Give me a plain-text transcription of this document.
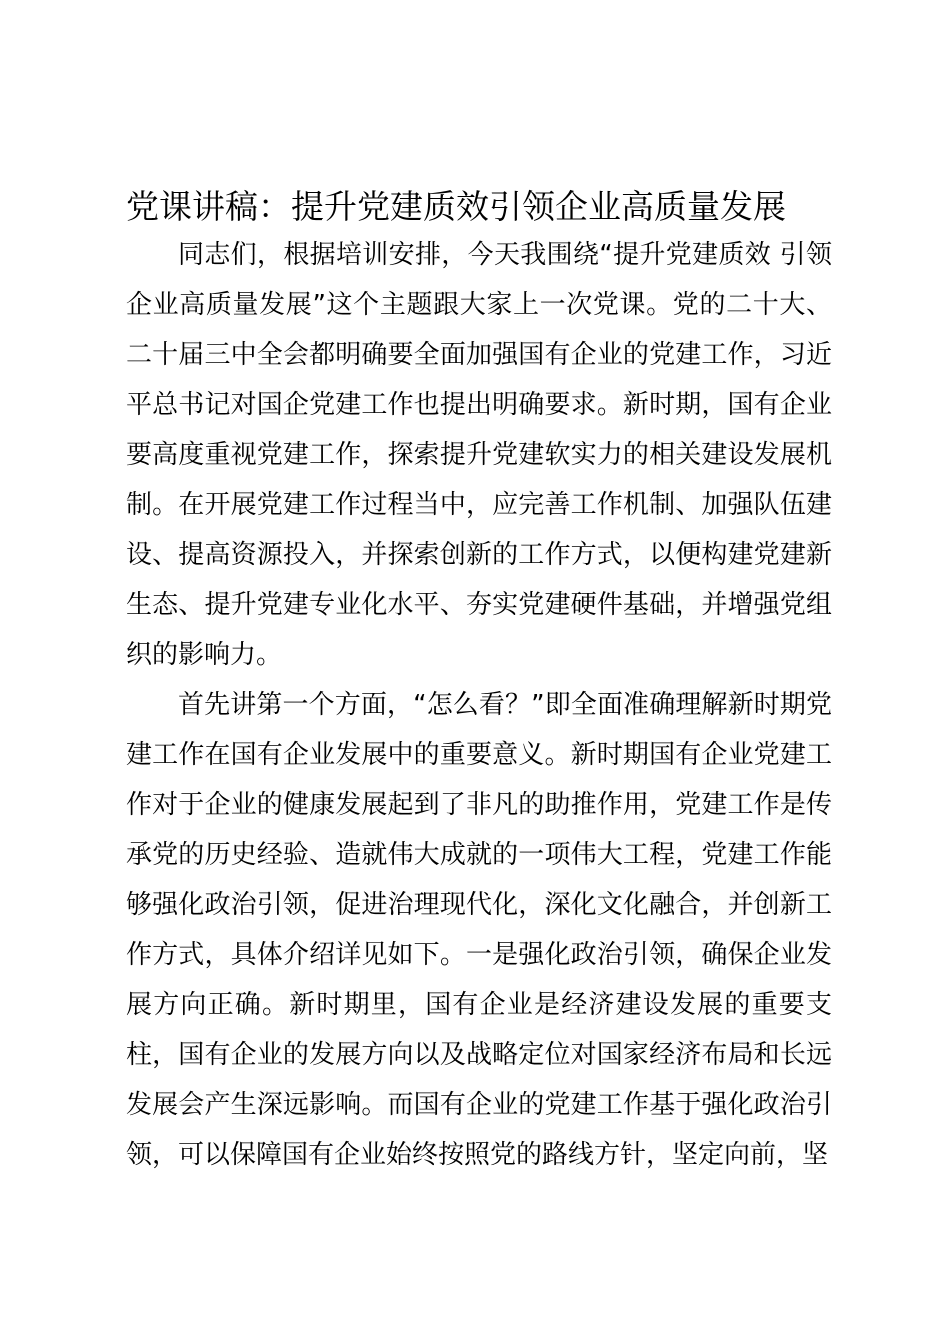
党课讲稿：提升党建质效引领企业高质量发展

同志们，根据培训安排，今天我围绕“提升党建质效 引领企业高质量发展”这个主题跟大家上一次党课。党的二十大、二十届三中全会都明确要全面加强国有企业的党建工作，习近平总书记对国企党建工作也提出明确要求。新时期，国有企业要高度重视党建工作，探索提升党建软实力的相关建设发展机制。在开展党建工作过程当中，应完善工作机制、加强队伍建设、提高资源投入，并探索创新的工作方式，以便构建党建新生态、提升党建专业化水平、夯实党建硬件基础，并增强党组织的影响力。

首先讲第一个方面，“怎么看？”即全面准确理解新时期党建工作在国有企业发展中的重要意义。新时期国有企业党建工作对于企业的健康发展起到了非凡的助推作用，党建工作是传承党的历史经验、造就伟大成就的一项伟大工程，党建工作能够强化政治引领，促进治理现代化，深化文化融合，并创新工作方式，具体介绍详见如下。一是强化政治引领，确保企业发展方向正确。新时期里，国有企业是经济建设发展的重要支柱，国有企业的发展方向以及战略定位对国家经济布局和长远发展会产生深远影响。而国有企业的党建工作基于强化政治引领，可以保障国有企业始终按照党的路线方针，坚定向前，坚
